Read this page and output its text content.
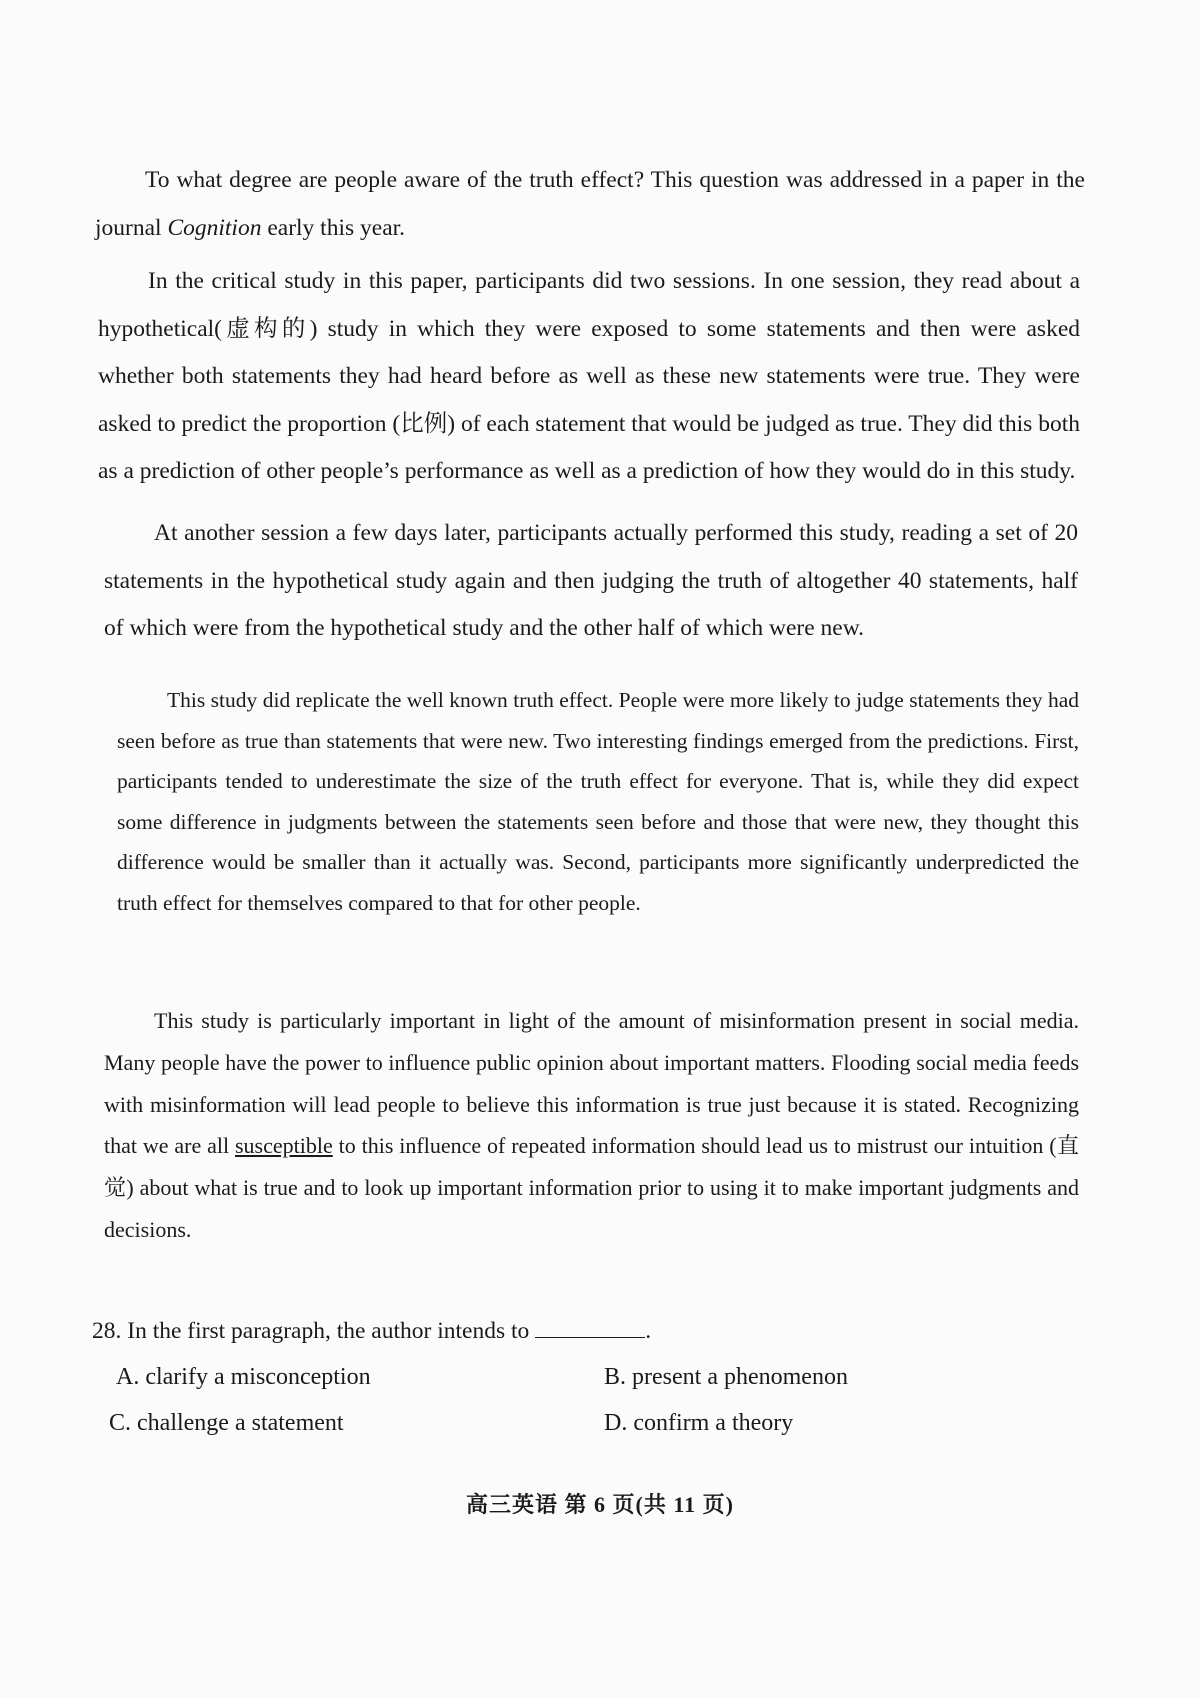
To what degree are people aware of the truth effect? This question was addressed in a paper in the journal Cognition early this year.

In the critical study in this paper, participants did two sessions. In one session, they read about a hypothetical(虚构的) study in which they were exposed to some statements and then were asked whether both statements they had heard before as well as these new statements were true. They were asked to predict the proportion (比例) of each statement that would be judged as true. They did this both as a prediction of other people’s performance as well as a prediction of how they would do in this study.

At another session a few days later, participants actually performed this study, reading a set of 20 statements in the hypothetical study again and then judging the truth of altogether 40 statements, half of which were from the hypothetical study and the other half of which were new.

This study did replicate the well known truth effect. People were more likely to judge statements they had seen before as true than statements that were new. Two interesting findings emerged from the predictions. First, participants tended to underestimate the size of the truth effect for everyone. That is, while they did expect some difference in judgments between the statements seen before and those that were new, they thought this difference would be smaller than it actually was. Second, participants more significantly underpredicted the truth effect for themselves compared to that for other people.

This study is particularly important in light of the amount of misinformation present in social media. Many people have the power to influence public opinion about important matters. Flooding social media feeds with misinformation will lead people to believe this information is true just because it is stated. Recognizing that we are all susceptible to this influence of repeated information should lead us to mistrust our intuition (直觉) about what is true and to look up important information prior to using it to make important judgments and decisions.

28. In the first paragraph, the author intends to	.
A. clarify a misconception	B. present a phenomenon
C. challenge a statement	D. confirm a theory
高三英语 第 6 页(共 11 页)
